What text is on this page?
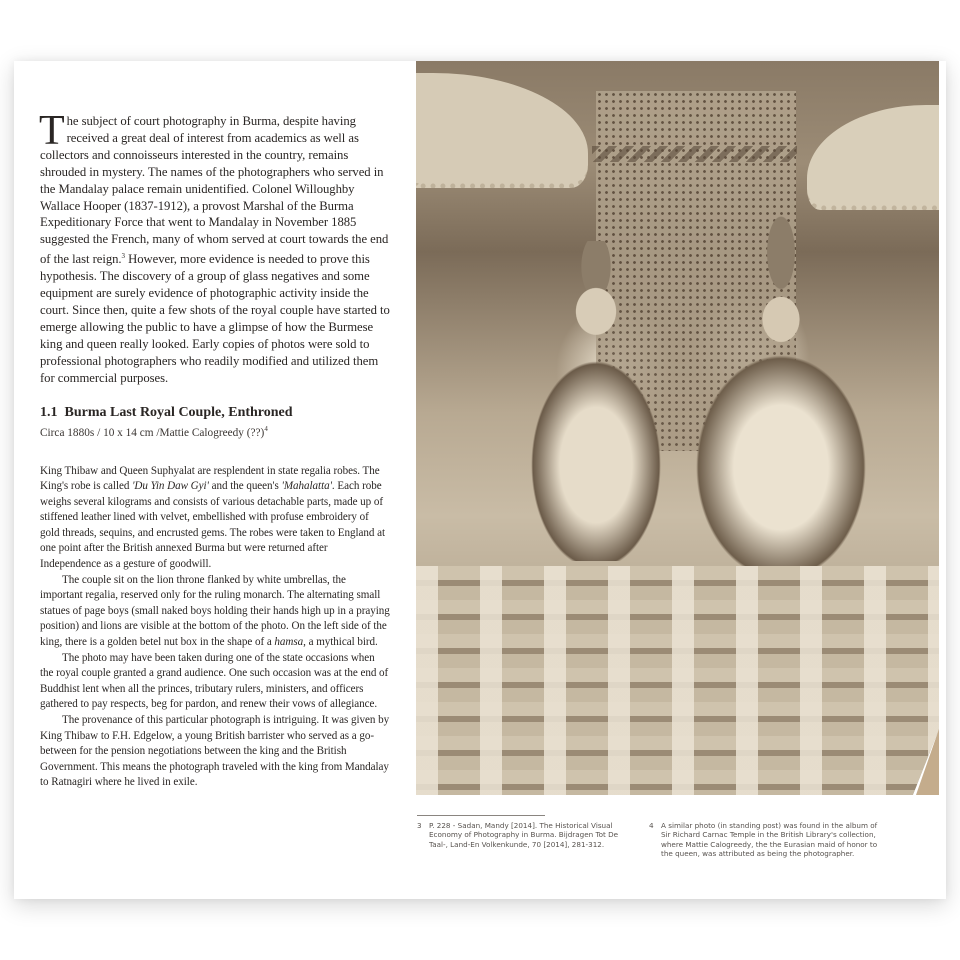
The subject of court photography in Burma, despite having received a great deal of interest from academics as well as collectors and connoisseurs interested in the country, remains shrouded in mystery. The names of the photographers who served in the Mandalay palace remain unidentified. Colonel Willoughby Wallace Hooper (1837-1912), a provost Marshal of the Burma Expeditionary Force that went to Mandalay in November 1885 suggested the French, many of whom served at court towards the end of the last reign.$^3$ However, more evidence is needed to prove this hypothesis. The discovery of a group of glass negatives and some equipment are surely evidence of photographic activity inside the court. Since then, quite a few shots of the royal couple have started to emerge allowing the public to have a glimpse of how the Burmese king and queen really looked. Early copies of photos were sold to professional photographers who readily modified and utilized them for commercial purposes.

1.1 Burma Last Royal Couple, Enthroned

Circa 1880s / 10 x 14 cm /Mattie Calogreedy (??)$^4$

King Thibaw and Queen Suphyalat are resplendent in state regalia robes. The King's robe is called 'Du Yin Daw Gyi' and the queen's 'Mahalatta'. Each robe weighs several kilograms and consists of various detachable parts, made up of stiffened leather lined with velvet, embellished with profuse embroidery of gold threads, sequins, and encrusted gems. The robes were taken to England at one point after the British annexed Burma but were returned after Independence as a gesture of goodwill.

The couple sit on the lion throne flanked by white umbrellas, the important regalia, reserved only for the ruling monarch. The alternating small statues of page boys (small naked boys holding their hands high up in a praying position) and lions are visible at the bottom of the photo. On the left side of the king, there is a golden betel nut box in the shape of a hamsa, a mythical bird.

The photo may have been taken during one of the state occasions when the royal couple granted a grand audience. One such occasion was at the end of Buddhist lent when all the princes, tributary rulers, ministers, and officers gathered to pay respects, beg for pardon, and renew their vows of allegiance.

The provenance of this particular photograph is intriguing. It was given by King Thibaw to F.H. Edgelow, a young British barrister who served as a go-between for the pension negotiations between the king and the British Government. This means the photograph traveled with the king from Mandalay to Ratnagiri where he lived in exile.

3	P. 228 - Sadan, Mandy [2014]. The Historical Visual Economy of Photography in Burma. Bijdragen Tot De Taal-, Land-En Volkenkunde, 70 [2014], 281-312.
4	A similar photo (in standing post) was found in the album of Sir Richard Carnac Temple in the British Library's collection, where Mattie Calogreedy, the the Eurasian maid of honor to the queen, was attributed as being the photographer.
